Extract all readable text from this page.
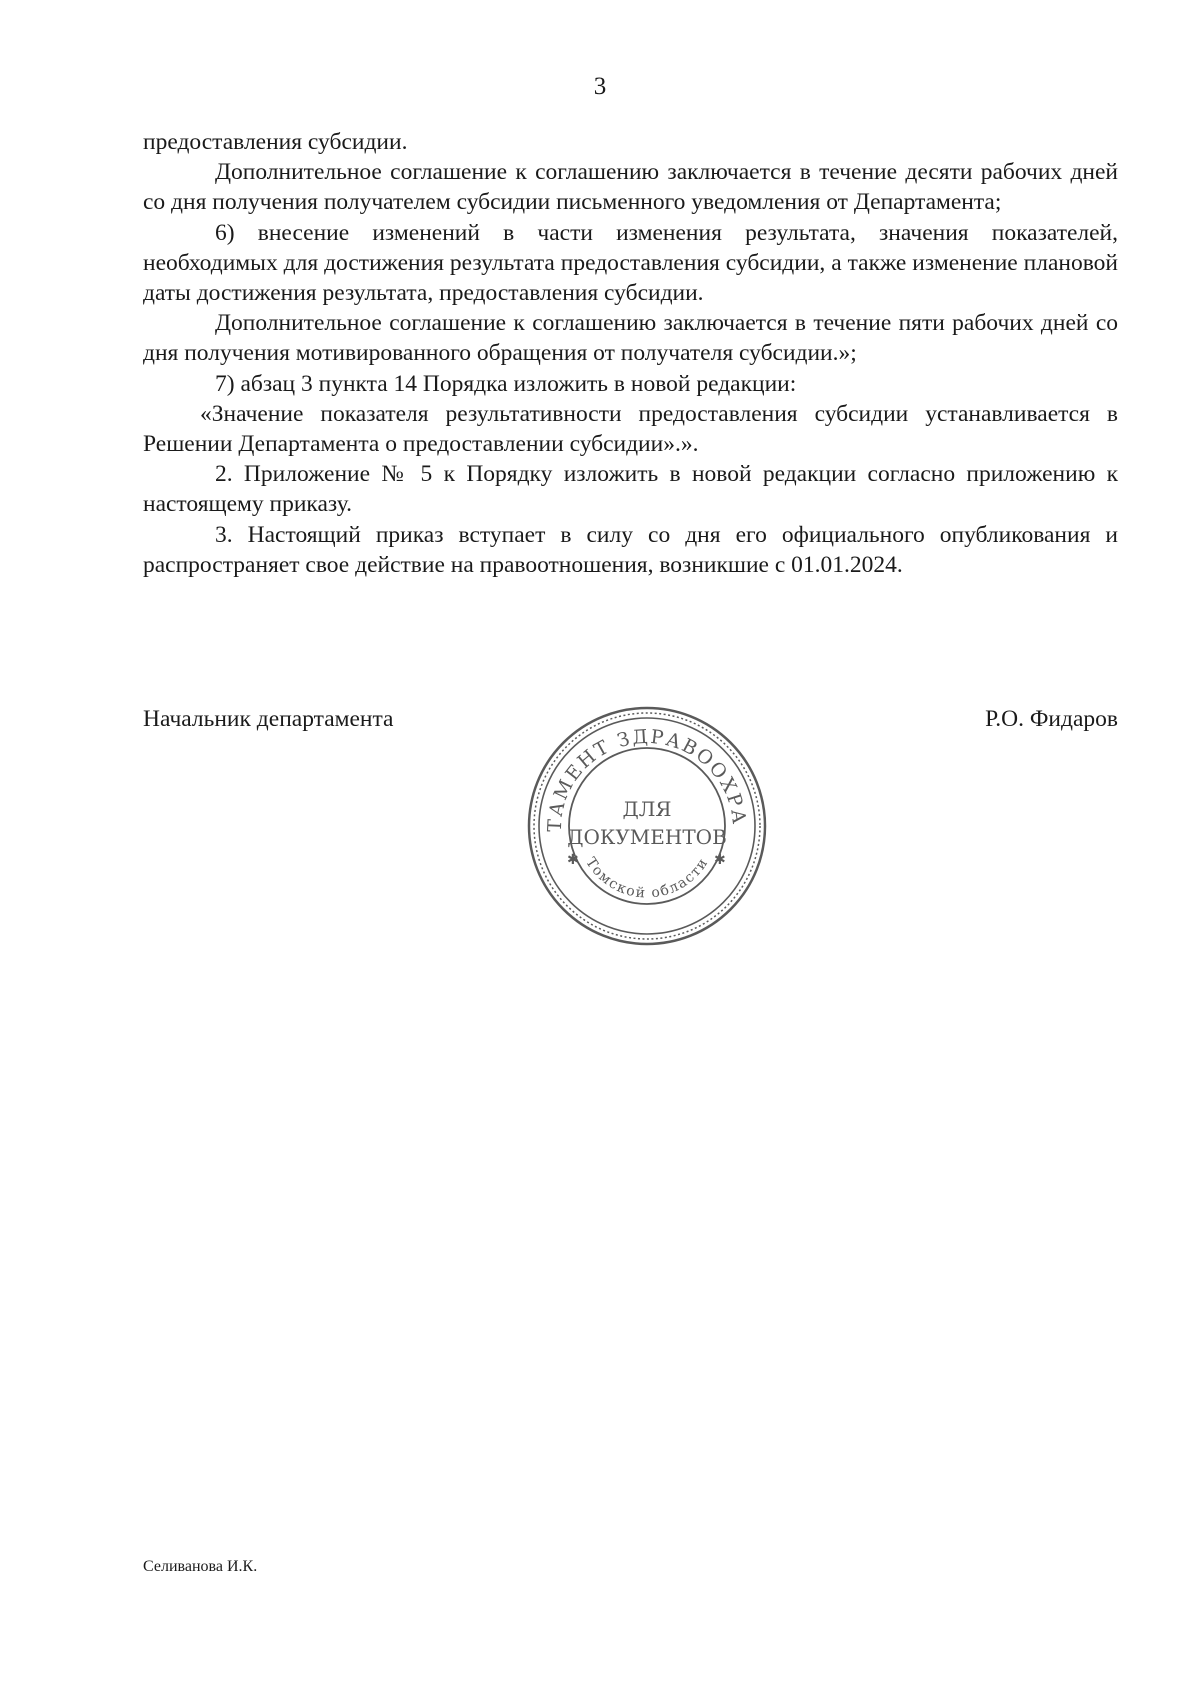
3

предоставления субсидии.

Дополнительное соглашение к соглашению заключается в течение десяти рабочих дней со дня получения получателем субсидии письменного уведомления от Департамента;

6) внесение изменений в части изменения результата, значения показателей, необходимых для достижения результата предоставления субсидии, а также изменение плановой даты достижения результата, предоставления субсидии.

Дополнительное соглашение к соглашению заключается в течение пяти рабочих дней со дня получения мотивированного обращения от получателя субсидии.»;

7) абзац 3 пункта 14 Порядка изложить в новой редакции:

«Значение показателя результативности предоставления субсидии устанавливается в Решении Департамента о предоставлении субсидии».».

2. Приложение № 5 к Порядку изложить в новой редакции согласно приложению к настоящему приказу.

3. Настоящий приказ вступает в силу со дня его официального опубликования и распространяет свое действие на правоотношения, возникшие с 01.01.2024.

Начальник департамента	Р.О. Фидаров
ТАМЕНТ ЗДРАВООХРА
Томской области
✱	✱
ДЛЯ
ДОКУМЕНТОВ
Селиванова И.К.
